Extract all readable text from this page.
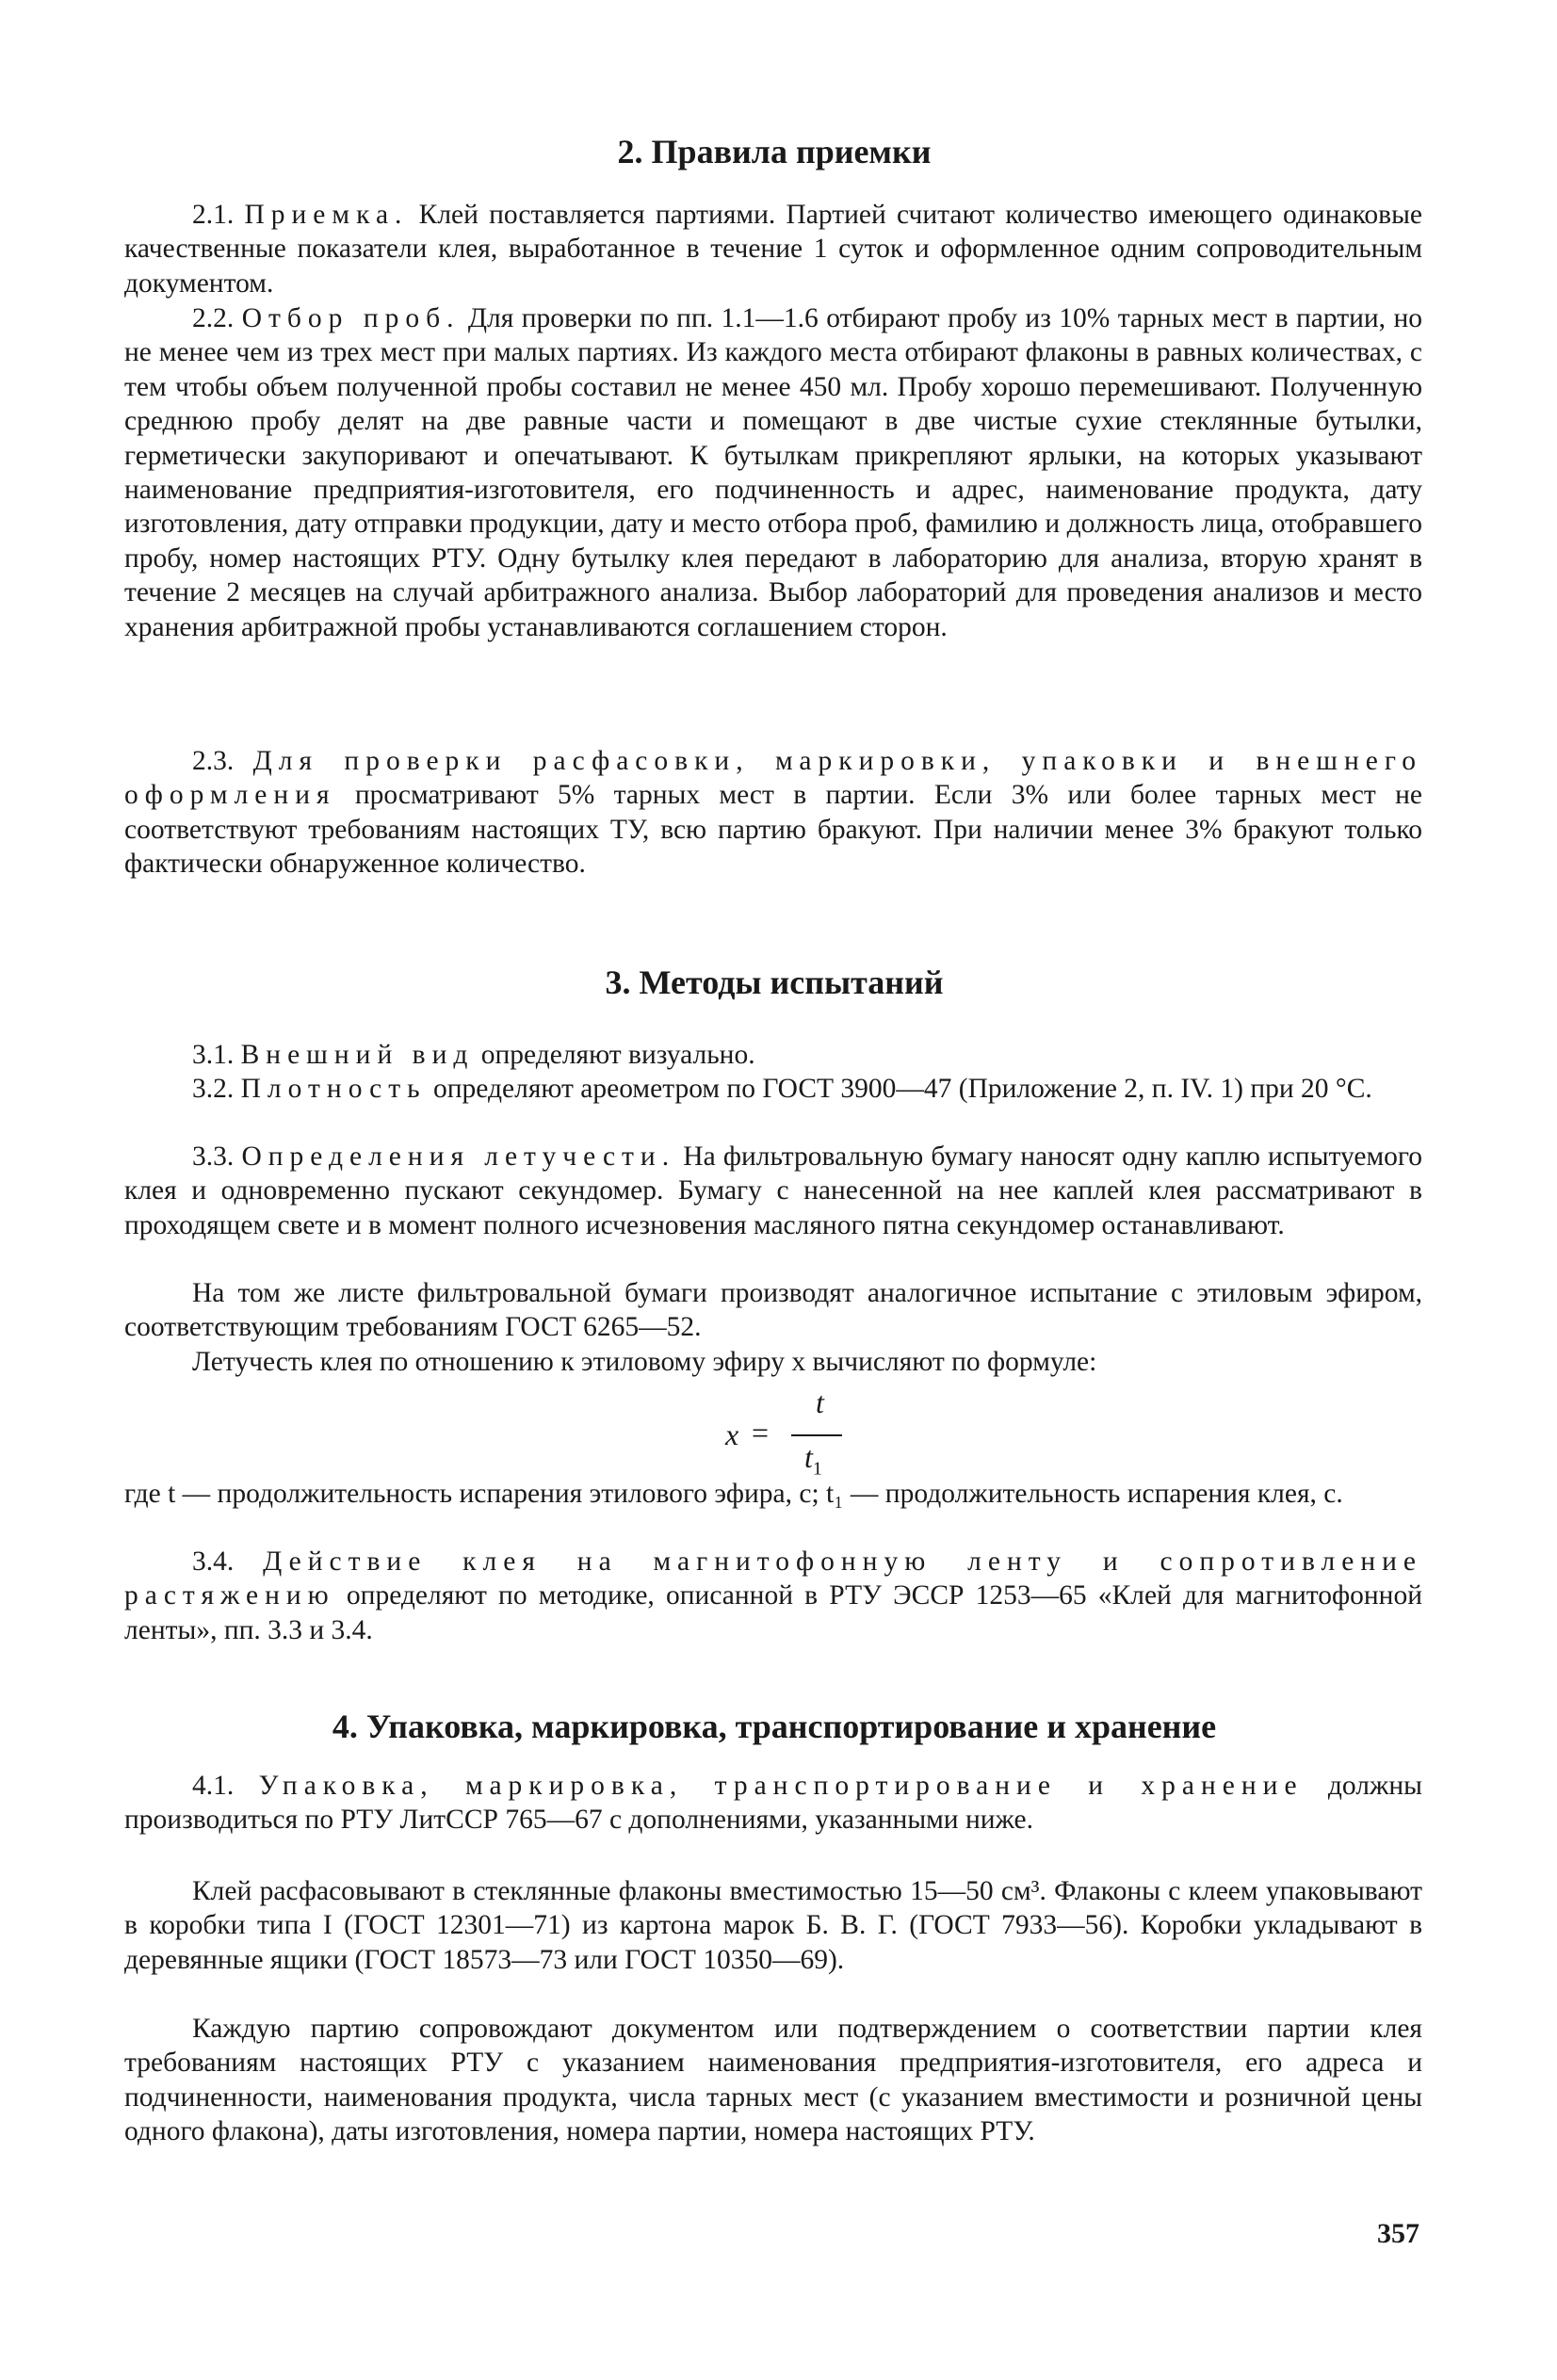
2. Правила приемки

2.1. Приемка. Клей поставляется партиями. Партией считают количество имеющего одинаковые качественные показатели клея, выработанное в течение 1 суток и оформленное одним сопроводительным документом.

2.2. Отбор проб. Для проверки по пп. 1.1—1.6 отбирают пробу из 10% тарных мест в партии, но не менее чем из трех мест при малых партиях. Из каждого места отбирают флаконы в равных количествах, с тем чтобы объем полученной пробы составил не менее 450 мл. Пробу хорошо перемешивают. Полученную среднюю пробу делят на две равные части и помещают в две чистые сухие стеклянные бутылки, герметически закупоривают и опечатывают. К бутылкам прикрепляют ярлыки, на которых указывают наименование предприятия-изготовителя, его подчиненность и адрес, наименование продукта, дату изготовления, дату отправки продукции, дату и место отбора проб, фамилию и должность лица, отобравшего пробу, номер настоящих РТУ. Одну бутылку клея передают в лабораторию для анализа, вторую хранят в течение 2 месяцев на случай арбитражного анализа. Выбор лабораторий для проведения анализов и место хранения арбитражной пробы устанавливаются соглашением сторон.

2.3. Для проверки расфасовки, маркировки, упаковки и внешнего оформления просматривают 5% тарных мест в партии. Если 3% или более тарных мест не соответствуют требованиям настоящих ТУ, всю партию бракуют. При наличии менее 3% бракуют только фактически обнаруженное количество.

3. Методы испытаний

3.1. Внешний вид определяют визуально.

3.2. Плотность определяют ареометром по ГОСТ 3900—47 (Приложение 2, п. IV. 1) при 20 °С.

3.3. Определения летучести. На фильтровальную бумагу наносят одну каплю испытуемого клея и одновременно пускают секундомер. Бумагу с нанесенной на нее каплей клея рассматривают в проходящем свете и в момент полного исчезновения масляного пятна секундомер останавливают.

На том же листе фильтровальной бумаги производят аналогичное испытание с этиловым эфиром, соответствующим требованиям ГОСТ 6265—52.

Летучесть клея по отношению к этиловому эфиру x вычисляют по формуле:

x =
t
$t_1$

где t — продолжительность испарения этилового эфира, с; t₁ — продолжительность испарения клея, с.

3.4. Действие клея на магнитофонную ленту и сопротивление растяжению определяют по методике, описанной в РТУ ЭССР 1253—65 «Клей для магнитофонной ленты», пп. 3.3 и 3.4.

4. Упаковка, маркировка, транспортирование и хранение

4.1. Упаковка, маркировка, транспортирование и хранение должны производиться по РТУ ЛитССР 765—67 с дополнениями, указанными ниже.

Клей расфасовывают в стеклянные флаконы вместимостью 15—50 см³. Флаконы с клеем упаковывают в коробки типа I (ГОСТ 12301—71) из картона марок Б. В. Г. (ГОСТ 7933—56). Коробки укладывают в деревянные ящики (ГОСТ 18573—73 или ГОСТ 10350—69).

Каждую партию сопровождают документом или подтверждением о соответствии партии клея требованиям настоящих РТУ с указанием наименования предприятия-изготовителя, его адреса и подчиненности, наименования продукта, числа тарных мест (с указанием вместимости и розничной цены одного флакона), даты изготовления, номера партии, номера настоящих РТУ.

357
